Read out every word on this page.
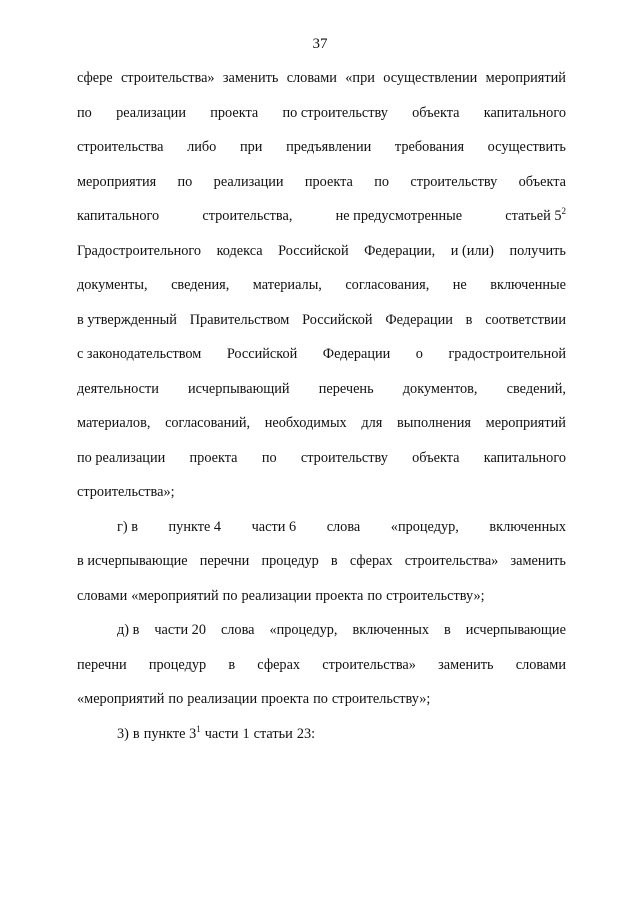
37
сфере строительства» заменить словами «при осуществлении мероприятий
по реализации проекта по строительству объекта капитального
строительства либо при предъявлении требования осуществить
мероприятия по реализации проекта по строительству объекта
капитального	строительства,	не предусмотренные	статьей $5^2$
Градостроительного кодекса Российской Федерации, и (или) получить
документы, сведения, материалы, согласования, не включенные
в утвержденный Правительством Российской Федерации в соответствии
с законодательством Российской Федерации о градостроительной
деятельности исчерпывающий перечень документов, сведений,
материалов, согласований, необходимых для выполнения мероприятий
по реализации проекта по строительству объекта капитального
строительства»;
г) в пункте 4 части 6 слова «процедур, включенных
в исчерпывающие перечни процедур в сферах строительства» заменить
словами «мероприятий по реализации проекта по строительству»;
д) в части 20 слова «процедур, включенных в исчерпывающие
перечни процедур в сферах строительства» заменить словами
«мероприятий по реализации проекта по строительству»;
3) в пункте $3^1$ части 1 статьи 23:
